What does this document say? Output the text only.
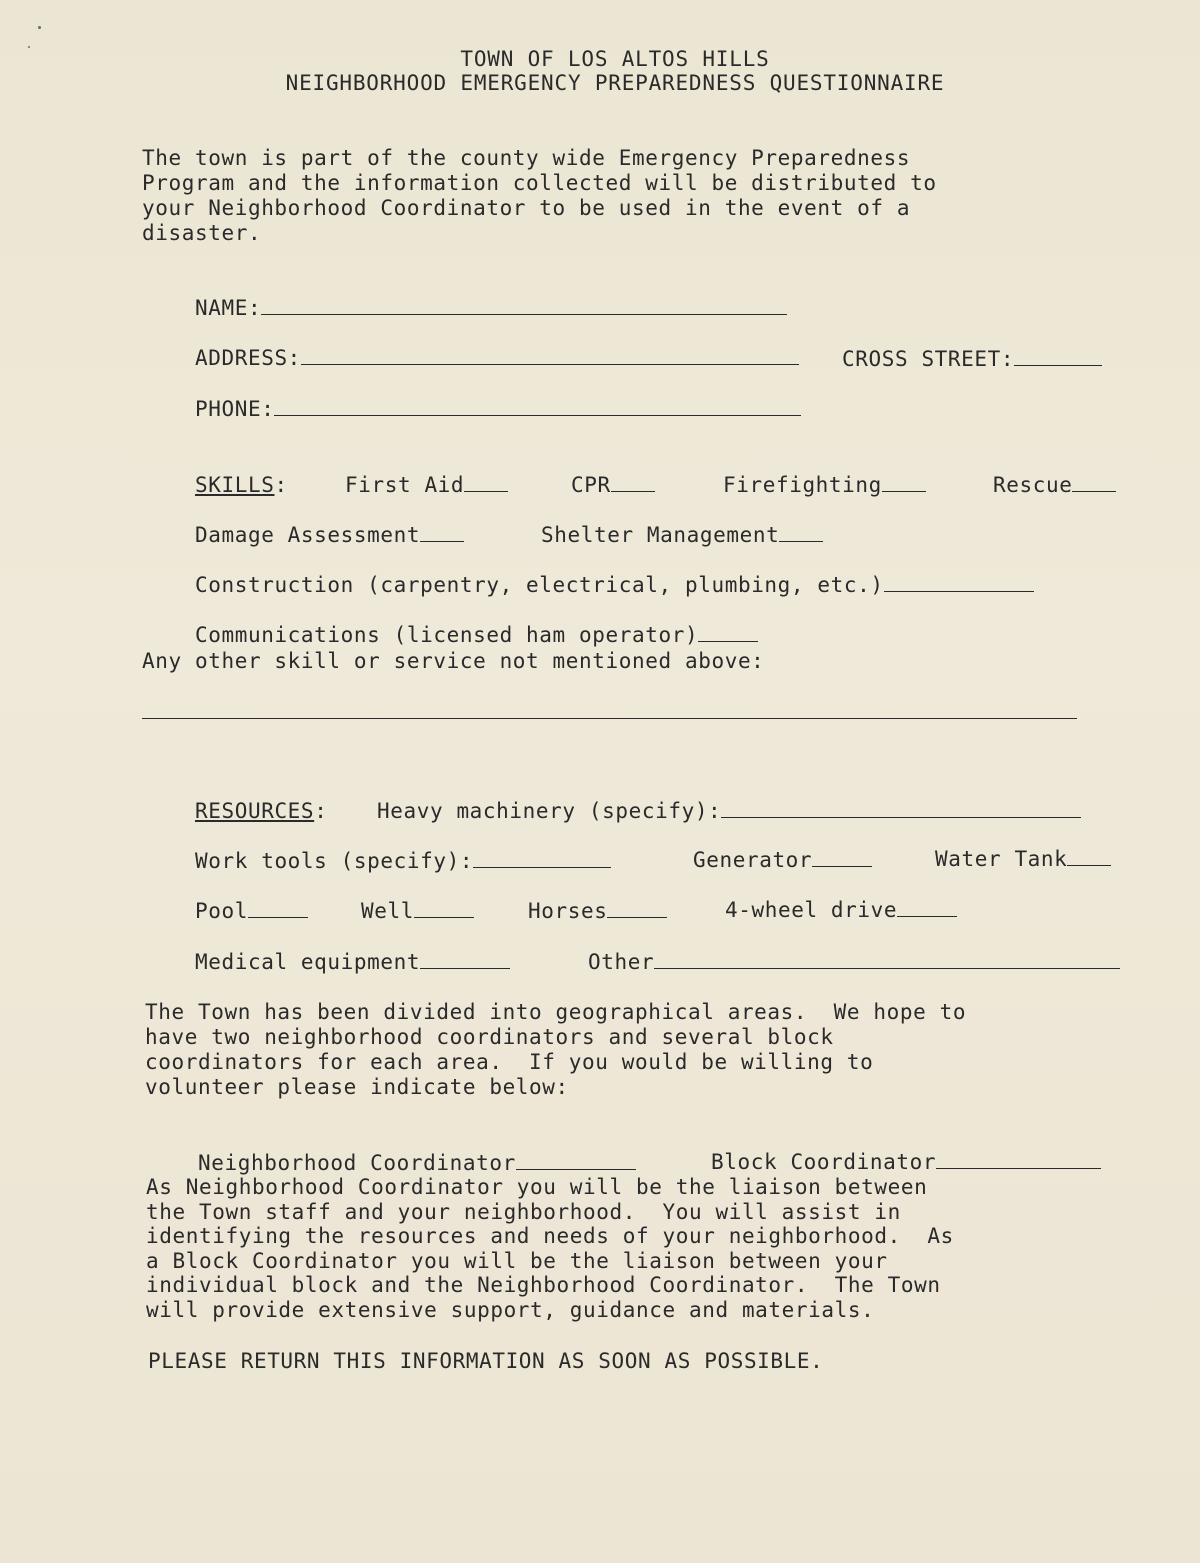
TOWN OF LOS ALTOS HILLS
NEIGHBORHOOD EMERGENCY PREPAREDNESS QUESTIONNAIRE
The town is part of the county wide Emergency Preparedness
Program and the information collected will be distributed to
your Neighborhood Coordinator to be used in the event of a
disaster.

NAME:

ADDRESS:
	CROSS STREET:

PHONE:

SKILLS:
	First Aid
	CPR
	Firefighting
	Rescue

Damage Assessment
	Shelter Management

Construction (carpentry, electrical, plumbing, etc.)

Communications (licensed ham operator)

Any other skill or service not mentioned above:

RESOURCES:
	Heavy machinery (specify):

Work tools (specify):
	Generator
	Water Tank

Pool
	Well
	Horses
	4-wheel drive

Medical equipment
	Other

The Town has been divided into geographical areas.  We hope to
have two neighborhood coordinators and several block
coordinators for each area.  If you would be willing to
volunteer please indicate below:

Neighborhood Coordinator
	Block Coordinator

As Neighborhood Coordinator you will be the liaison between
the Town staff and your neighborhood.  You will assist in
identifying the resources and needs of your neighborhood.  As
a Block Coordinator you will be the liaison between your
individual block and the Neighborhood Coordinator.  The Town
will provide extensive support, guidance and materials.
PLEASE RETURN THIS INFORMATION AS SOON AS POSSIBLE.
